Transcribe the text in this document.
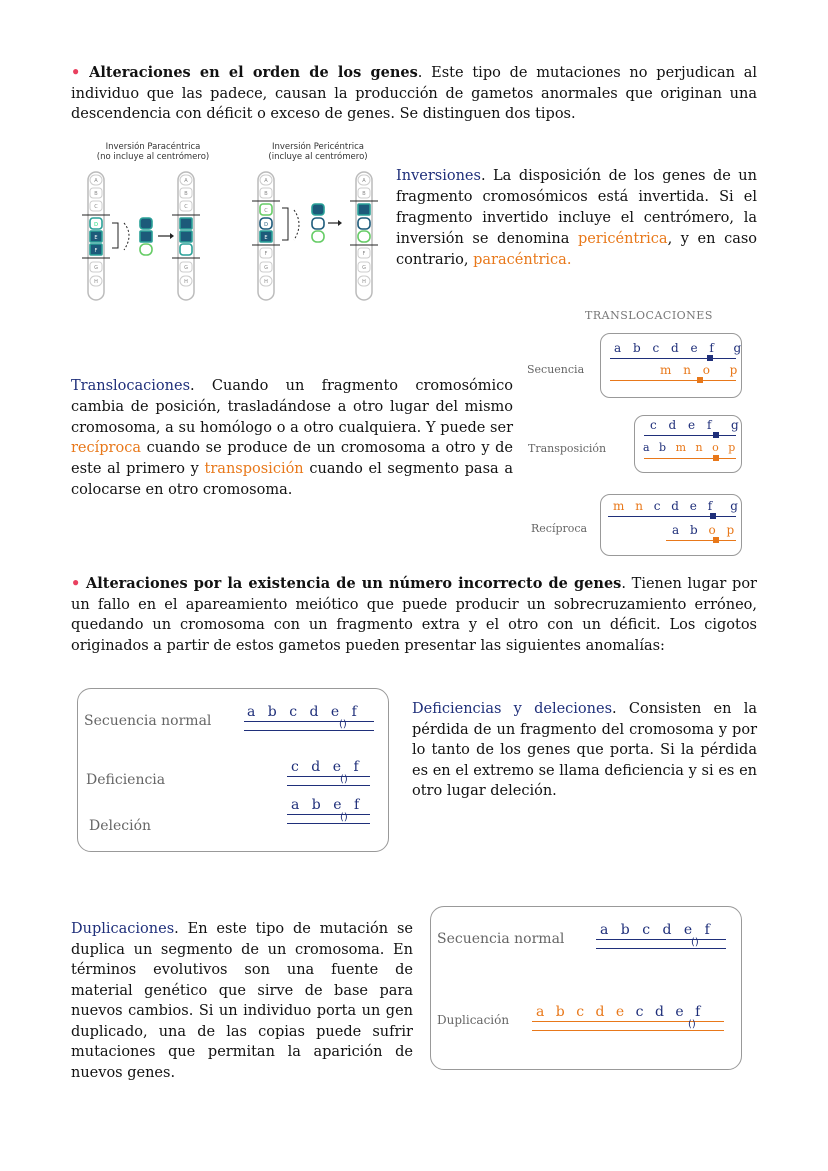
• Alteraciones en el orden de los genes. Este tipo de mutaciones no perjudican al individuo que las padece, causan la producción de gametos anormales que originan una descendencia con déficit o exceso de genes. Se distinguen dos tipos.

Inversión Paracéntrica
(no incluye al centrómero)
Inversión Pericéntrica
(incluye al centrómero)
A
B
C
D
E
F
G
H
A
B
C
G
H
A
B
C
D
E
F
G
H
A
B
F
G
H

Inversiones. La disposición de los genes de un fragmento cromosómicos está invertida. Si el fragmento invertido incluye el centrómero, la inversión se denomina pericéntrica, y en caso contrario, paracéntrica.

TRANSLOCACIONES
Secuencia
a b c d e f g
m n o p
Transposición
c d e f g
a b m n o p
Recíproca
m n c d e f g
a b o p

Translocaciones. Cuando un fragmento cromosómico cambia de posición, trasladándose a otro lugar del mismo cromosoma, a su homólogo o a otro cualquiera. Y puede ser recíproca cuando se produce de un cromosoma a otro y de este al primero y transposición cuando el segmento pasa a colocarse en otro cromosoma.

• Alteraciones por la existencia de un número incorrecto de genes. Tienen lugar por un fallo en el apareamiento meiótico que puede producir un sobrecruzamiento erróneo, quedando un cromosoma con un fragmento extra y el otro con un déficit. Los cigotos originados a partir de estos gametos pueden presentar las siguientes anomalías:

Secuencia normal
a b c d e f
()
Deficiencia
c d e f
()
Deleción
a b e f
()

Deficiencias y deleciones. Consisten en la pérdida de un fragmento del cromosoma y por lo tanto de los genes que porta. Si la pérdida es en el extremo se llama deficiencia y si es en otro lugar deleción.

Duplicaciones. En este tipo de mutación se duplica un segmento de un cromosoma. En términos evolutivos son una fuente de material genético que sirve de base para nuevos cambios. Si un individuo porta un gen duplicado, una de las copias puede sufrir mutaciones que permitan la aparición de nuevos genes.

Secuencia normal
a b c d e f
()
Duplicación a b c d e c d e f
()
